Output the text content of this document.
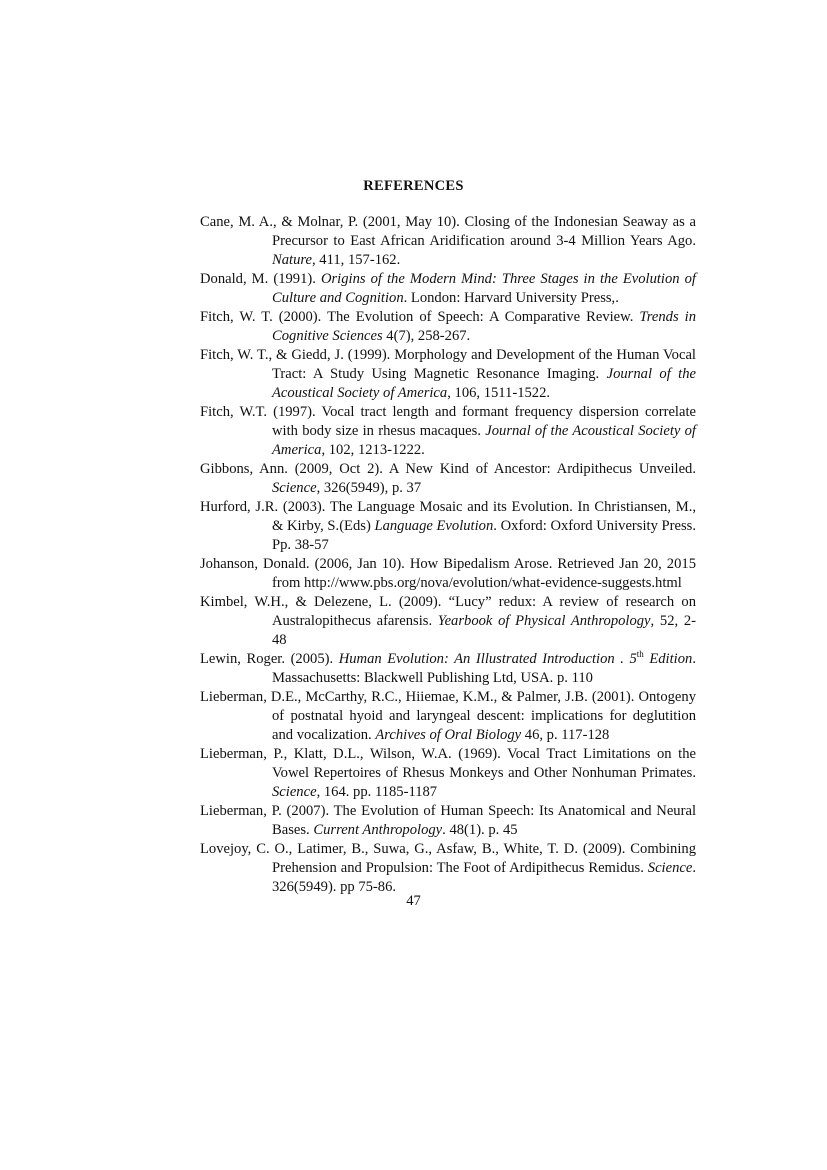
REFERENCES

Cane, M. A., & Molnar, P. (2001, May 10). Closing of the Indonesian Seaway as a Precursor to East African Aridification around 3-4 Million Years Ago. Nature, 411, 157-162.

Donald, M. (1991). Origins of the Modern Mind: Three Stages in the Evolution of Culture and Cognition. London: Harvard University Press,.

Fitch, W. T. (2000). The Evolution of Speech: A Comparative Review. Trends in Cognitive Sciences 4(7), 258-267.

Fitch, W. T., & Giedd, J. (1999). Morphology and Development of the Human Vocal Tract: A Study Using Magnetic Resonance Imaging. Journal of the Acoustical Society of America, 106, 1511-1522.

Fitch, W.T. (1997). Vocal tract length and formant frequency dispersion correlate with body size in rhesus macaques. Journal of the Acoustical Society of America, 102, 1213-1222.

Gibbons, Ann. (2009, Oct 2). A New Kind of Ancestor: Ardipithecus Unveiled. Science, 326(5949), p. 37

Hurford, J.R. (2003). The Language Mosaic and its Evolution. In Christiansen, M., & Kirby, S.(Eds) Language Evolution. Oxford: Oxford University Press. Pp. 38-57

Johanson, Donald. (2006, Jan 10). How Bipedalism Arose. Retrieved Jan 20, 2015 from http://www.pbs.org/nova/evolution/what-evidence-suggests.html

Kimbel, W.H., & Delezene, L. (2009). “Lucy” redux: A review of research on Australopithecus afarensis. Yearbook of Physical Anthropology, 52, 2-48

Lewin, Roger. (2005). Human Evolution: An Illustrated Introduction . 5th Edition. Massachusetts: Blackwell Publishing Ltd, USA. p. 110

Lieberman, D.E., McCarthy, R.C., Hiiemae, K.M., & Palmer, J.B. (2001). Ontogeny of postnatal hyoid and laryngeal descent: implications for deglutition and vocalization. Archives of Oral Biology 46, p. 117-128

Lieberman, P., Klatt, D.L., Wilson, W.A. (1969). Vocal Tract Limitations on the Vowel Repertoires of Rhesus Monkeys and Other Nonhuman Primates. Science, 164. pp. 1185-1187

Lieberman, P. (2007). The Evolution of Human Speech: Its Anatomical and Neural Bases. Current Anthropology. 48(1). p. 45

Lovejoy, C. O., Latimer, B., Suwa, G., Asfaw, B., White, T. D. (2009). Combining Prehension and Propulsion: The Foot of Ardipithecus Remidus. Science. 326(5949). pp 75-86.

47
